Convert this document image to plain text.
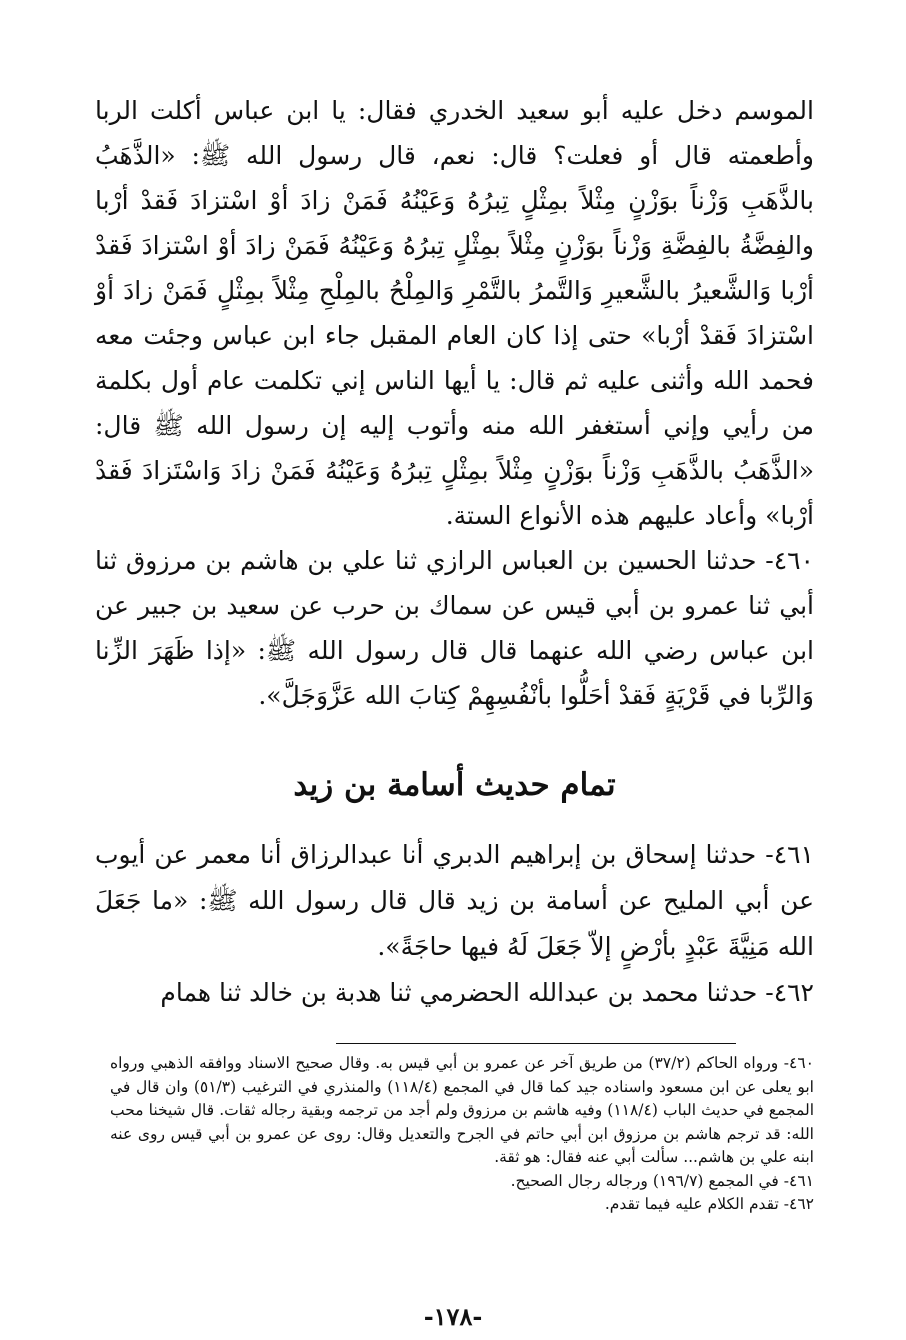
الموسم دخل عليه أبو سعيد الخدري فقال: يا ابن عباس أكلت الربا وأطعمته قال أو فعلت؟ قال: نعم، قال رسول الله ﷺ: «الذَّهَبُ بالذَّهَبِ وَزْناً بوَزْنٍ مِثْلاً بمِثْلٍ تِبرُهُ وَعَيْنُهُ فَمَنْ زادَ أوْ اسْتزادَ فَقدْ أرْبا والفِضَّةُ بالفِضَّةِ وَزْناً بوَزْنٍ مِثْلاً بمِثْلٍ تِبرُهُ وَعَيْنُهُ فَمَنْ زادَ أوْ اسْتزادَ فَقدْ أرْبا وَالشَّعيرُ بالشَّعيرِ وَالتَّمرُ بالتَّمْرِ وَالمِلْحُ بالمِلْحِ مِثْلاً بمِثْلٍ فَمَنْ زادَ أوْ اسْتزادَ فَقدْ أرْبا» حتى إذا كان العام المقبل جاء ابن عباس وجئت معه فحمد الله وأثنى عليه ثم قال: يا أيها الناس إني تكلمت عام أول بكلمة من رأيي وإني أستغفر الله منه وأتوب إليه إن رسول الله ﷺ قال: «الذَّهَبُ بالذَّهَبِ وَزْناً بوَزْنٍ مِثْلاً بمِثْلٍ تِبرُهُ وَعَيْنُهُ فَمَنْ زادَ وَاسْتَزادَ فَقدْ أرْبا» وأعاد عليهم هذه الأنواع الستة.

٤٦٠- حدثنا الحسين بن العباس الرازي ثنا علي بن هاشم بن مرزوق ثنا أبي ثنا عمرو بن أبي قيس عن سماك بن حرب عن سعيد بن جبير عن ابن عباس رضي الله عنهما قال قال رسول الله ﷺ: «إذا ظَهَرَ الزِّنا وَالرِّبا في قَرْيَةٍ فَقدْ أحَلُّوا بأنْفُسِهِمْ كِتابَ الله عَزَّوَجَلَّ».

تمام حديث أسامة بن زيد

٤٦١- حدثنا إسحاق بن إبراهيم الدبري أنا عبدالرزاق أنا معمر عن أيوب عن أبي المليح عن أسامة بن زيد قال قال رسول الله ﷺ: «ما جَعَلَ الله مَنِيَّةَ عَبْدٍ بأرْضٍ إلاّ جَعَلَ لَهُ فيها حاجَةً».

٤٦٢- حدثنا محمد بن عبدالله الحضرمي ثنا هدبة بن خالد ثنا همام

٤٦٠- ورواه الحاكم (٣٧/٢) من طريق آخر عن عمرو بن أبي قيس به. وقال صحيح الاسناد ووافقه الذهبي ورواه ابو يعلى عن ابن مسعود واسناده جيد كما قال في المجمع (١١٨/٤) والمنذري في الترغيب (٥١/٣) وان قال في المجمع في حديث الباب (١١٨/٤) وفيه هاشم بن مرزوق ولم أجد من ترجمه وبقية رجاله ثقات. قال شيخنا محب الله: قد ترجم هاشم بن مرزوق ابن أبي حاتم في الجرح والتعديل وقال: روى عن عمرو بن أبي قيس روى عنه ابنه علي بن هاشم... سألت أبي عنه فقال: هو ثقة.

٤٦١- في المجمع (١٩٦/٧) ورجاله رجال الصحيح.

٤٦٢- تقدم الكلام عليه فيما تقدم.

-١٧٨-
